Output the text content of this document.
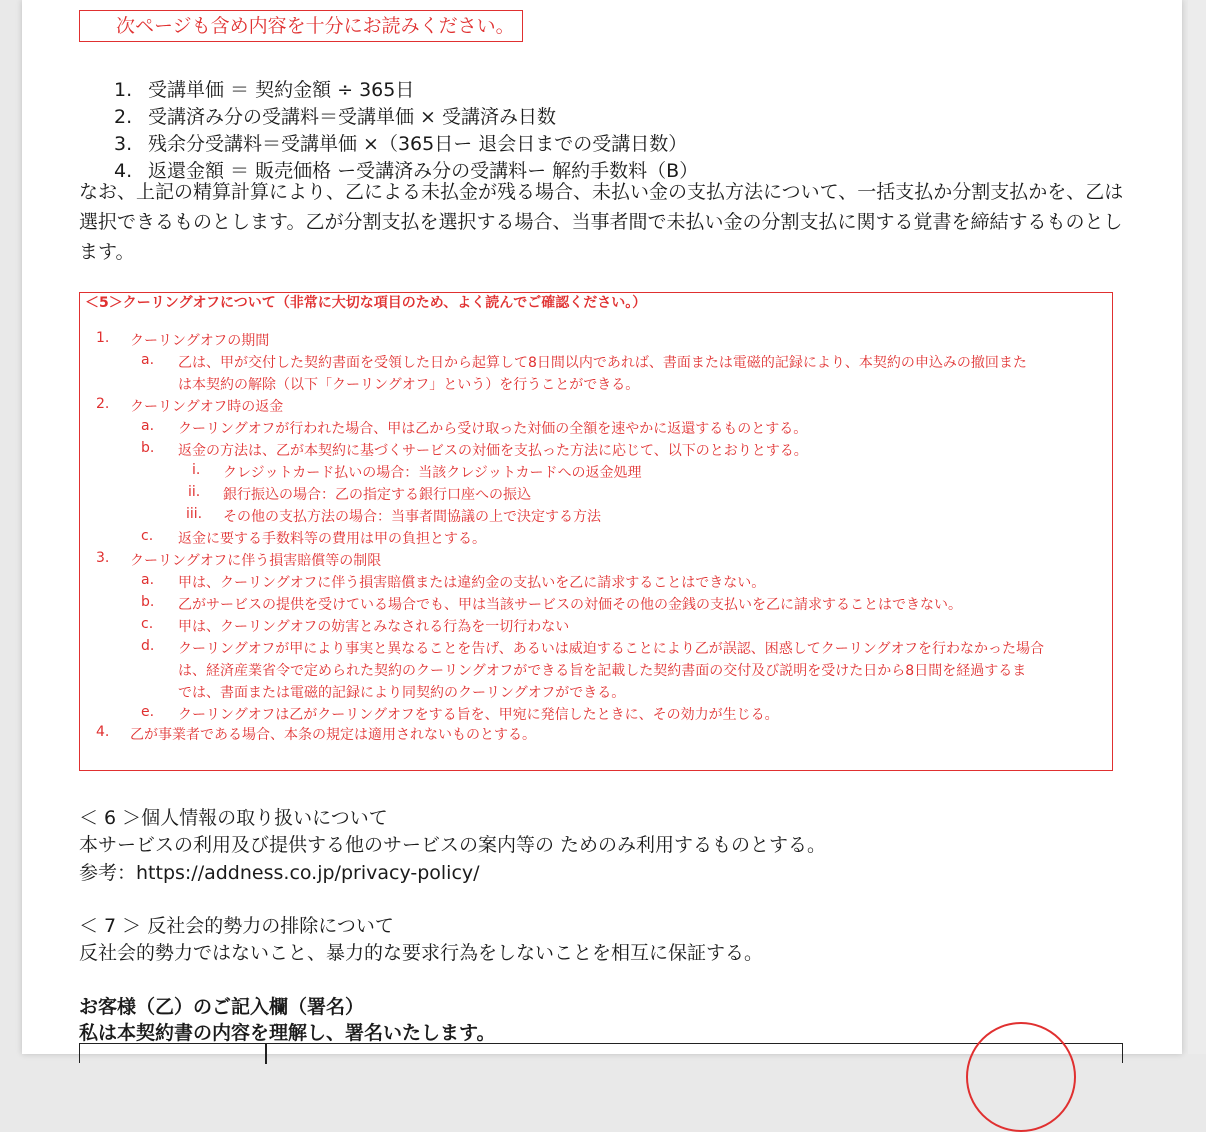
次ページも含め内容を十分にお読みください。
1. 受講単価 ＝ 契約金額 ÷ 365日
2. 受講済み分の受講料＝受講単価 × 受講済み日数
3. 残余分受講料＝受講単価 ×（365日ー 退会日までの受講日数）
4. 返還金額 ＝ 販売価格 ー受講済み分の受講料ー 解約手数料（B）
なお、上記の精算計算により、乙による未払金が残る場合、未払い金の支払方法について、一括支払か分割支払かを、乙は選択できるものとします。乙が分割支払を選択する場合、当事者間で未払い金の分割支払に関する覚書を締結するものとします。
＜5＞クーリングオフについて（非常に大切な項目のため、よく読んでご確認ください。）
1. クーリングオフの期間
a. 乙は、甲が交付した契約書面を受領した日から起算して8日間以内であれば、書面または電磁的記録により、本契約の申込みの撤回また
は本契約の解除（以下「クーリングオフ」という）を行うことができる。
2. クーリングオフ時の返金
a. クーリングオフが行われた場合、甲は乙から受け取った対価の全額を速やかに返還するものとする。
b. 返金の方法は、乙が本契約に基づくサービスの対価を支払った方法に応じて、以下のとおりとする。
i. クレジットカード払いの場合：当該クレジットカードへの返金処理
ii. 銀行振込の場合：乙の指定する銀行口座への振込
iii. その他の支払方法の場合：当事者間協議の上で決定する方法
c. 返金に要する手数料等の費用は甲の負担とする。
3. クーリングオフに伴う損害賠償等の制限
a. 甲は、クーリングオフに伴う損害賠償または違約金の支払いを乙に請求することはできない。
b. 乙がサービスの提供を受けている場合でも、甲は当該サービスの対価その他の金銭の支払いを乙に請求することはできない。
c. 甲は、クーリングオフの妨害とみなされる行為を一切行わない
d. クーリングオフが甲により事実と異なることを告げ、あるいは威迫することにより乙が誤認、困惑してクーリングオフを行わなかった場合
は、経済産業省令で定められた契約のクーリングオフができる旨を記載した契約書面の交付及び説明を受けた日から8日間を経過するま
では、書面または電磁的記録により同契約のクーリングオフができる。
e. クーリングオフは乙がクーリングオフをする旨を、甲宛に発信したときに、その効力が生じる。
4. 乙が事業者である場合、本条の規定は適用されないものとする。
＜ 6 ＞個人情報の取り扱いについて
本サービスの利用及び提供する他のサービスの案内等の ためのみ利用するものとする。
参考：https://addness.co.jp/privacy-policy/
＜ 7 ＞ 反社会的勢力の排除について
反社会的勢力ではないこと、暴力的な要求行為をしないことを相互に保証する。
お客様（乙）のご記入欄（署名）
私は本契約書の内容を理解し、署名いたします。
